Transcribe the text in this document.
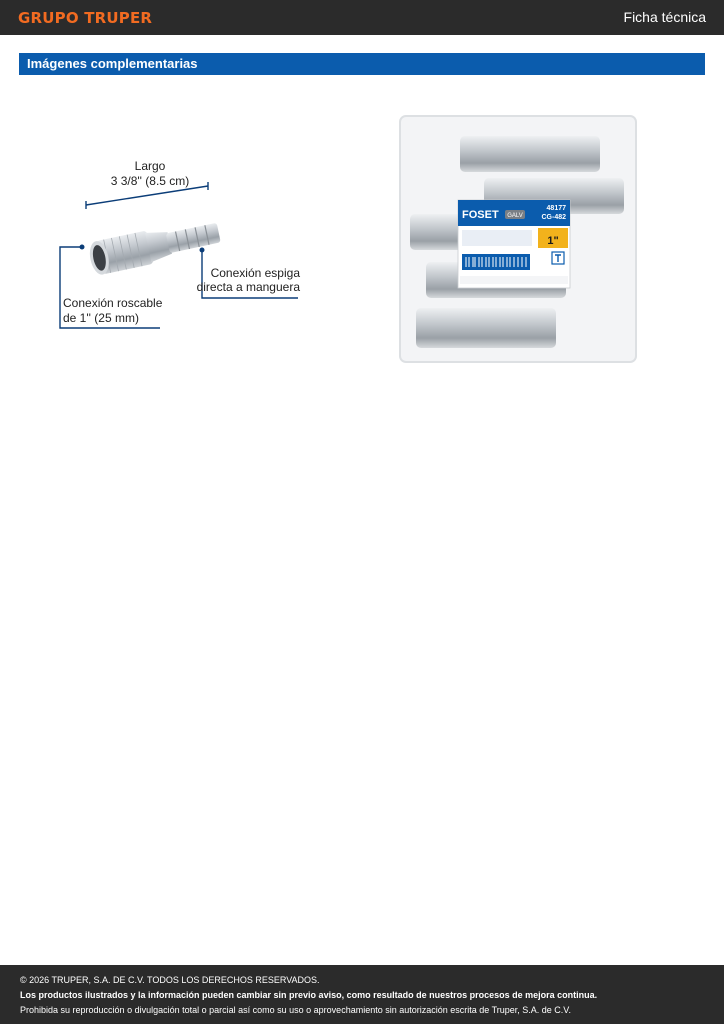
GRUPO TRUPER	Ficha técnica
Imágenes complementarias
Largo
3 3/8'' (8.5 cm)
Conexión espiga
directa a manguera
Conexión roscable
de 1'' (25 mm)
FOSET GALV
48177
CG-482
1"
© 2026 TRUPER, S.A. DE C.V. TODOS LOS DERECHOS RESERVADOS.
Los productos ilustrados y la información pueden cambiar sin previo aviso, como resultado de nuestros procesos de mejora continua.
Prohibida su reproducción o divulgación total o parcial así como su uso o aprovechamiento sin autorización escrita de Truper, S.A. de C.V.
